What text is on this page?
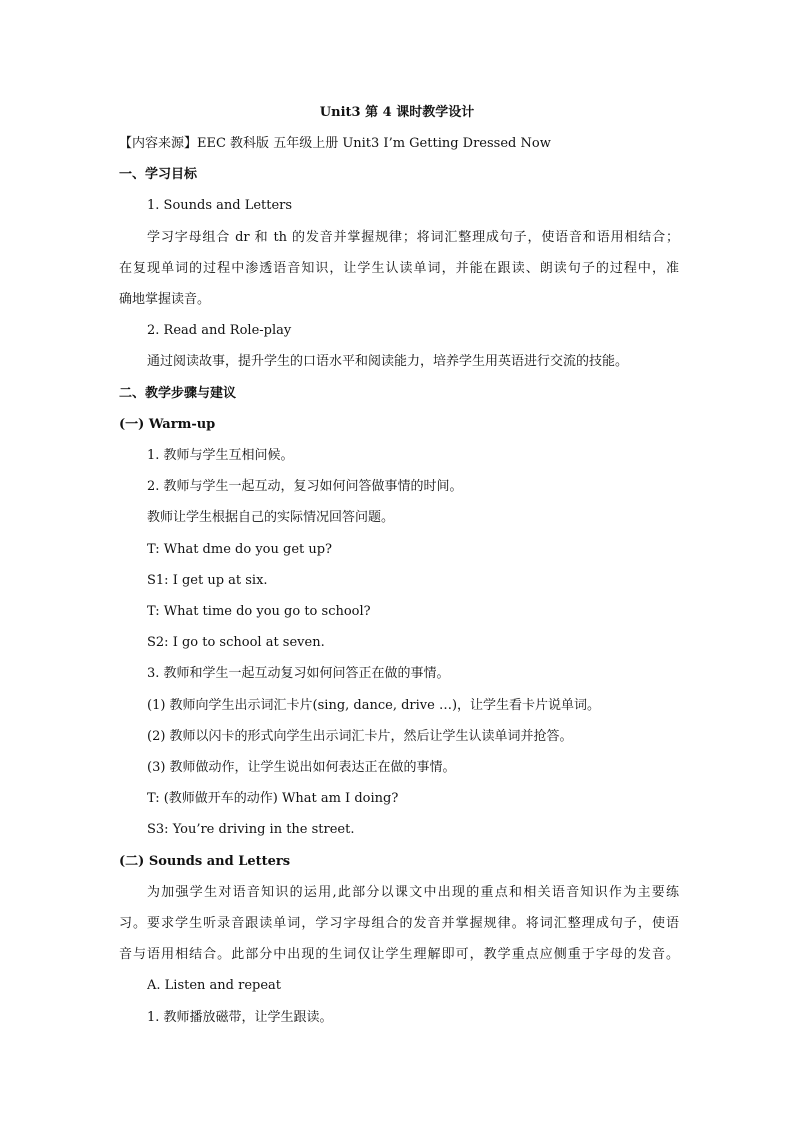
Unit3 第 4 课时教学设计
【内容来源】EEC 教科版 五年级上册 Unit3 I’m Getting Dressed Now
一、学习目标
1. Sounds and Letters
学习字母组合 dr 和 th 的发音并掌握规律；将词汇整理成句子，使语音和语用相结合；
在复现单词的过程中渗透语音知识，让学生认读单词，并能在跟读、朗读句子的过程中，准
确地掌握读音。
2. Read and Role-play
通过阅读故事，提升学生的口语水平和阅读能力，培养学生用英语进行交流的技能。
二、教学步骤与建议
(一) Warm-up
1. 教师与学生互相问候。
2. 教师与学生一起互动，复习如何问答做事情的时间。
教师让学生根据自己的实际情况回答问题。
T: What dme do you get up?
S1: I get up at six.
T: What time do you go to school?
S2: I go to school at seven.
3. 教师和学生一起互动复习如何问答正在做的事情。
(1) 教师向学生出示词汇卡片(sing, dance, drive …)，让学生看卡片说单词。
(2) 教师以闪卡的形式向学生出示词汇卡片，然后让学生认读单词并抢答。
(3) 教师做动作，让学生说出如何表达正在做的事情。
T: (教师做开车的动作) What am I doing?
S3: You’re driving in the street.
(二) Sounds and Letters
为加强学生对语音知识的运用,此部分以课文中出现的重点和相关语音知识作为主要练
习。要求学生听录音跟读单词，学习字母组合的发音并掌握规律。将词汇整理成句子，使语
音与语用相结合。此部分中出现的生词仅让学生理解即可，教学重点应侧重于字母的发音。
A. Listen and repeat
1. 教师播放磁带，让学生跟读。
